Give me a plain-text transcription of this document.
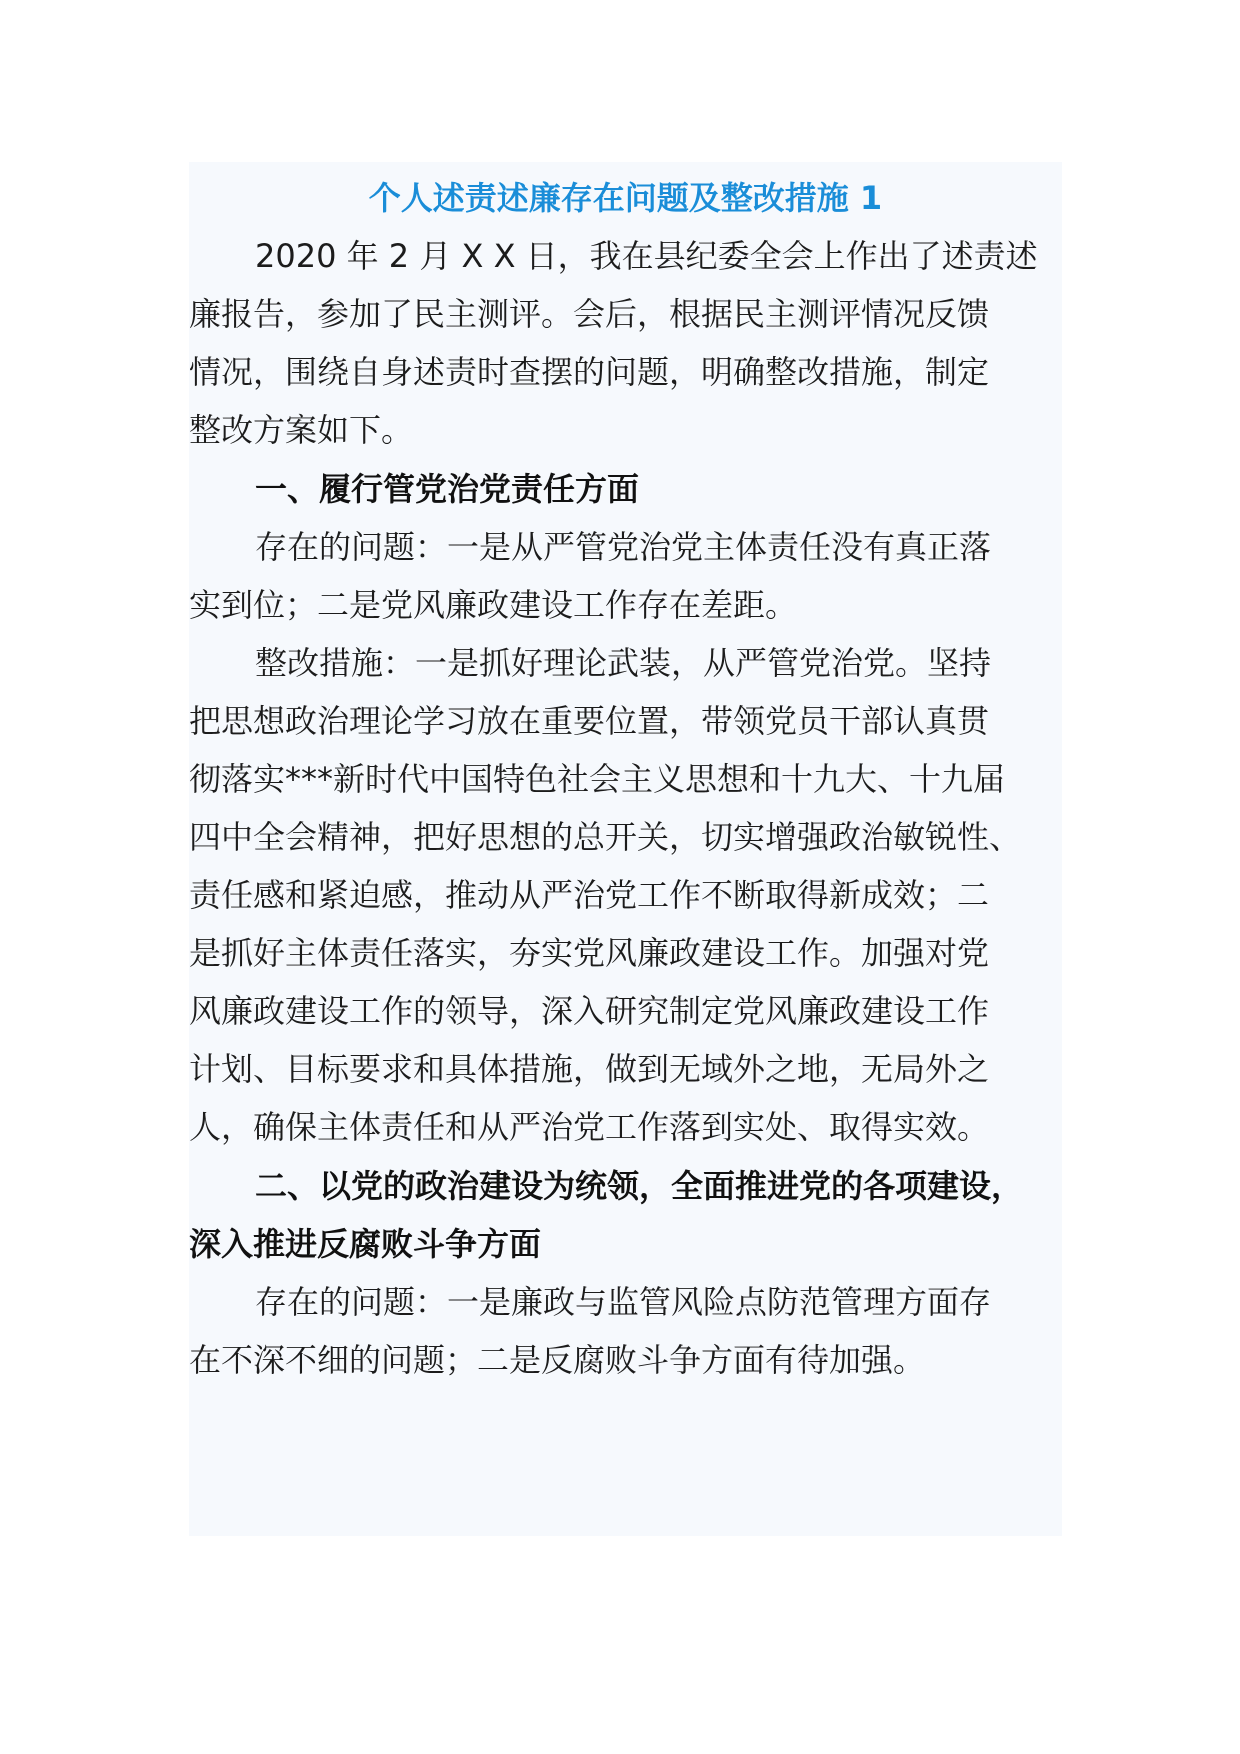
个人述责述廉存在问题及整改措施 1

2020 年 2 月 X X 日，我在县纪委全会上作出了述责述

廉报告，参加了民主测评。会后，根据民主测评情况反馈

情况，围绕自身述责时查摆的问题，明确整改措施，制定

整改方案如下。

一、履行管党治党责任方面

存在的问题：一是从严管党治党主体责任没有真正落

实到位；二是党风廉政建设工作存在差距。

整改措施：一是抓好理论武装，从严管党治党。坚持

把思想政治理论学习放在重要位置，带领党员干部认真贯

彻落实***新时代中国特色社会主义思想和十九大、十九届

四中全会精神，把好思想的总开关，切实增强政治敏锐性、

责任感和紧迫感，推动从严治党工作不断取得新成效；二

是抓好主体责任落实，夯实党风廉政建设工作。加强对党

风廉政建设工作的领导，深入研究制定党风廉政建设工作

计划、目标要求和具体措施，做到无域外之地，无局外之

人，确保主体责任和从严治党工作落到实处、取得实效。

二、以党的政治建设为统领，全面推进党的各项建设，

深入推进反腐败斗争方面

存在的问题：一是廉政与监管风险点防范管理方面存

在不深不细的问题；二是反腐败斗争方面有待加强。
